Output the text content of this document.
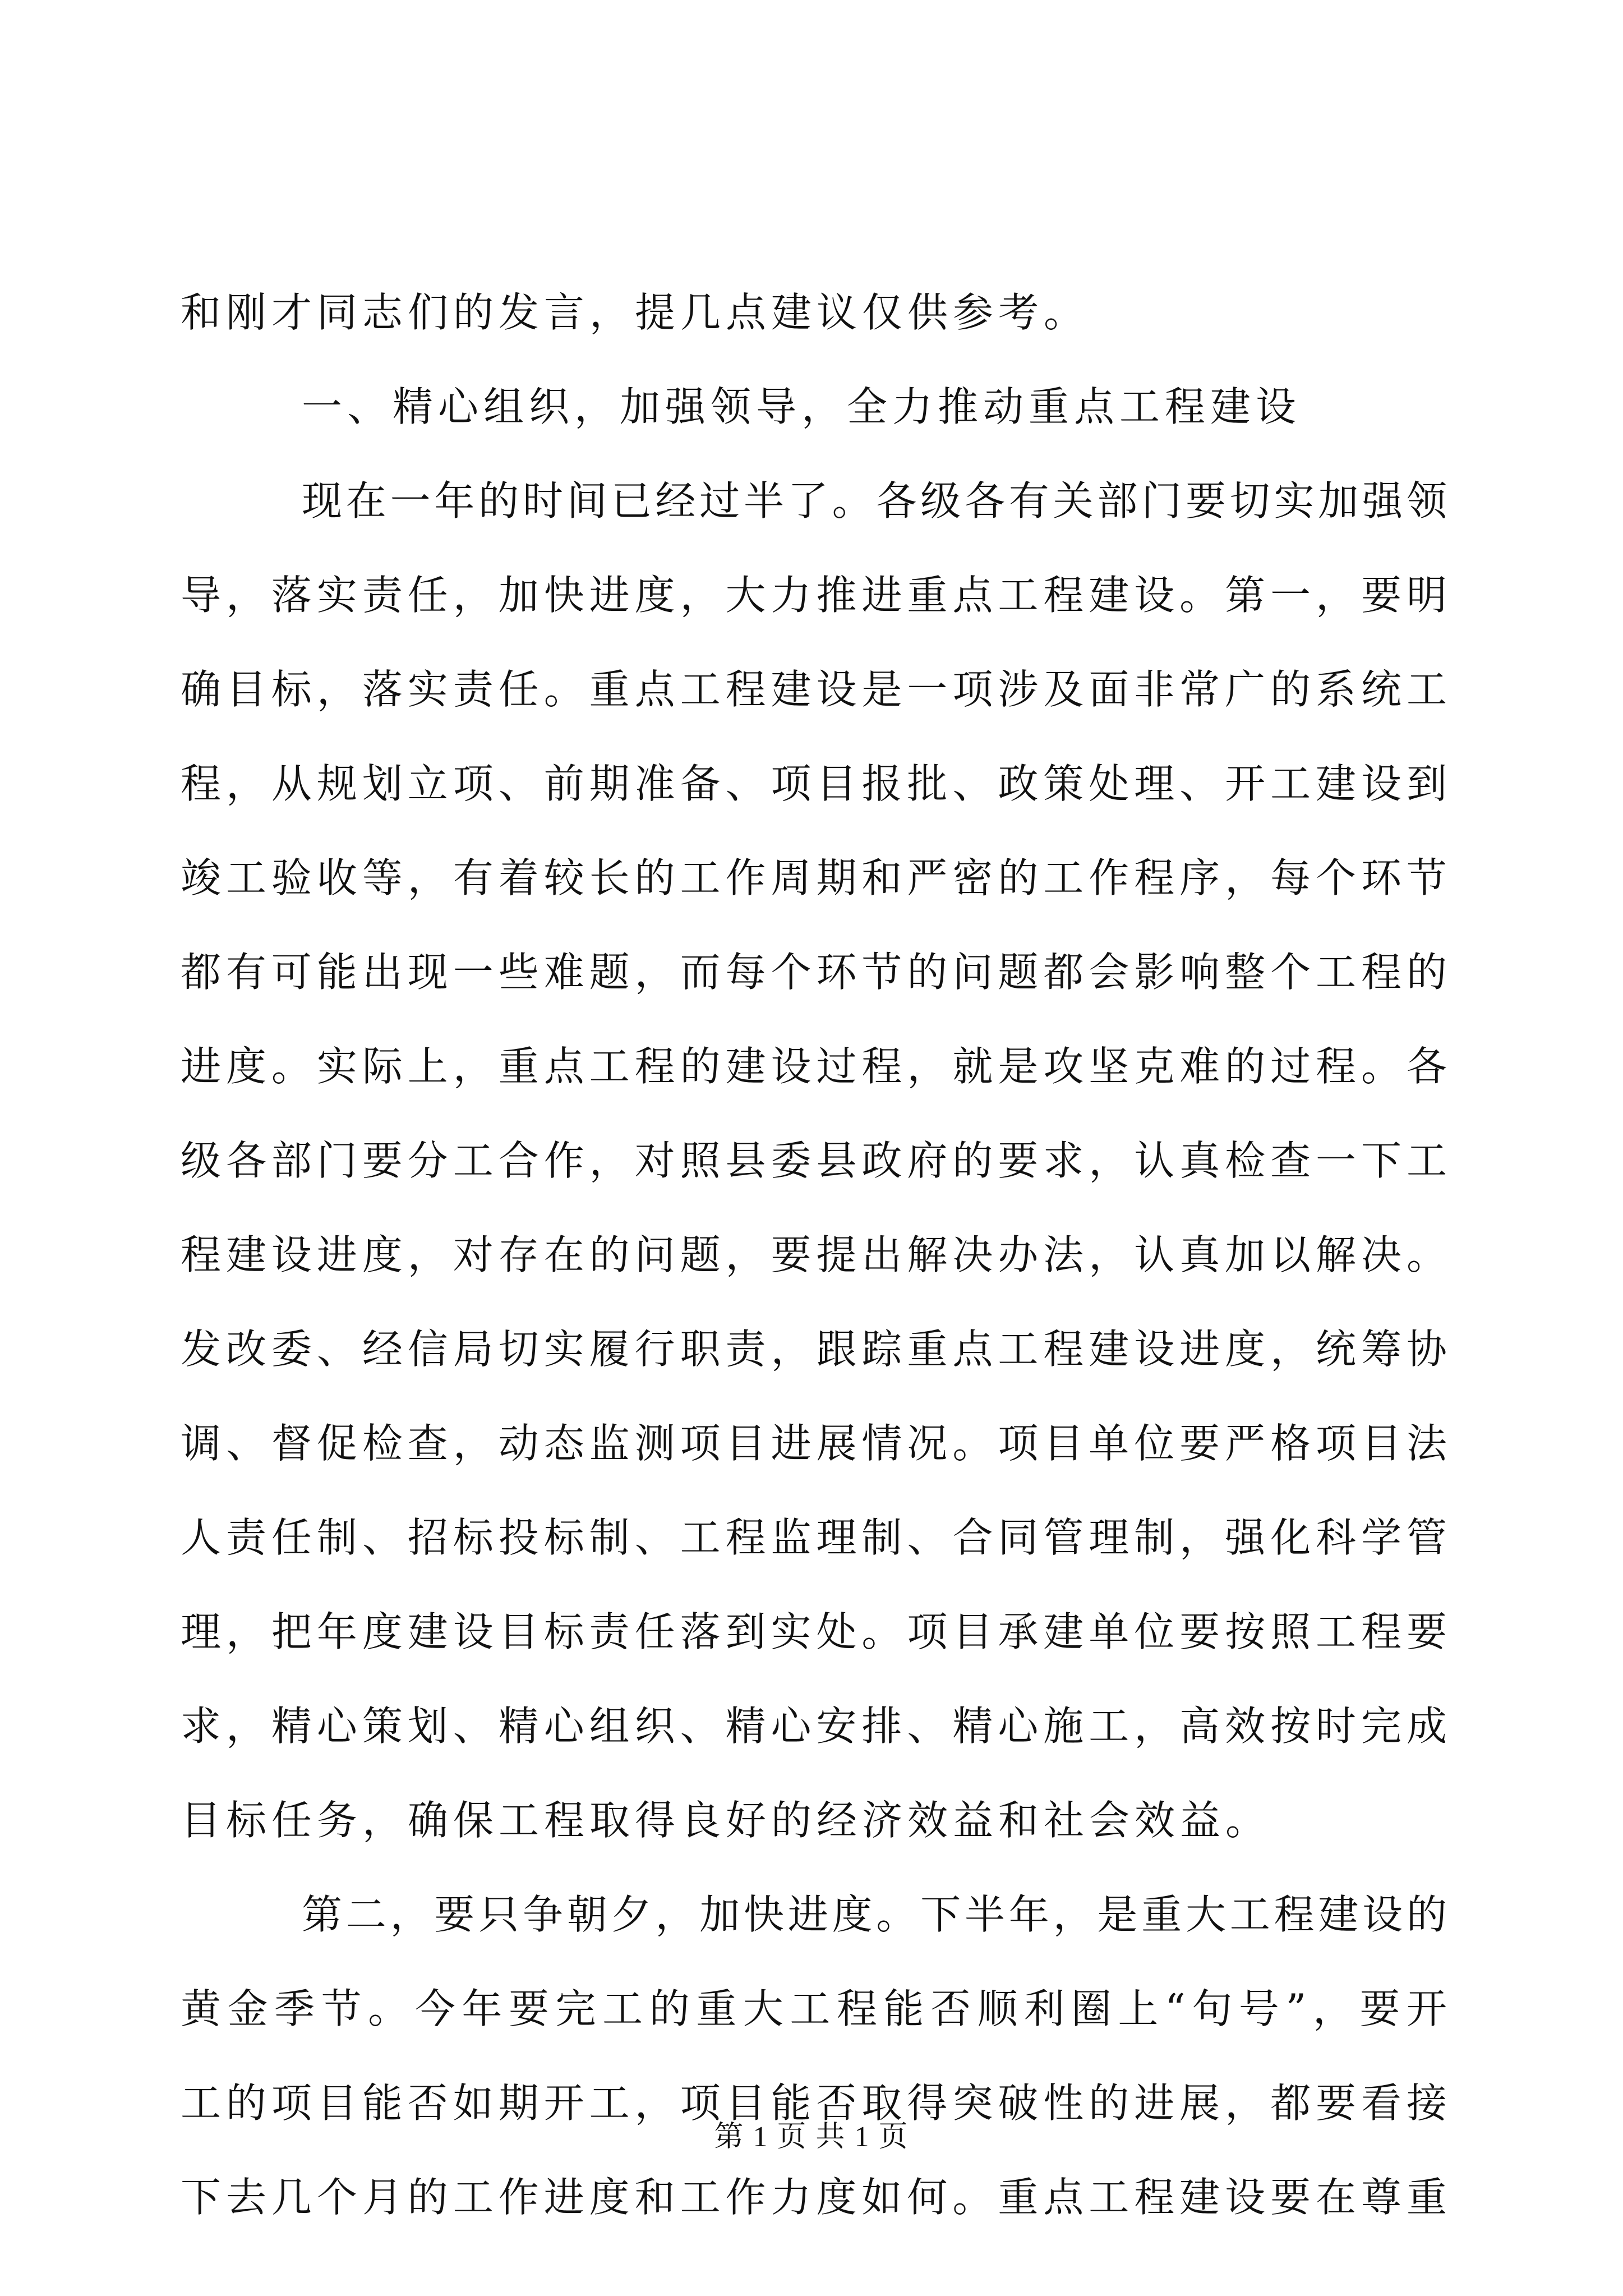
和刚才同志们的发言，提几点建议仅供参考。
一、精心组织，加强领导，全力推动重点工程建设
现在一年的时间已经过半了。各级各有关部门要切实加强领
导，落实责任，加快进度，大力推进重点工程建设。第一，要明
确目标，落实责任。重点工程建设是一项涉及面非常广的系统工
程，从规划立项、前期准备、项目报批、政策处理、开工建设到
竣工验收等，有着较长的工作周期和严密的工作程序，每个环节
都有可能出现一些难题，而每个环节的问题都会影响整个工程的
进度。实际上，重点工程的建设过程，就是攻坚克难的过程。各
级各部门要分工合作，对照县委县政府的要求，认真检查一下工
程建设进度，对存在的问题，要提出解决办法，认真加以解决。
发改委、经信局切实履行职责，跟踪重点工程建设进度，统筹协
调、督促检查，动态监测项目进展情况。项目单位要严格项目法
人责任制、招标投标制、工程监理制、合同管理制，强化科学管
理，把年度建设目标责任落到实处。项目承建单位要按照工程要
求，精心策划、精心组织、精心安排、精心施工，高效按时完成
目标任务，确保工程取得良好的经济效益和社会效益。
第二，要只争朝夕，加快进度。下半年，是重大工程建设的
黄金季节。今年要完工的重大工程能否顺利圈上“句号”，要开
工的项目能否如期开工，项目能否取得突破性的进展，都要看接
下去几个月的工作进度和工作力度如何。重点工程建设要在尊重
第 1 页 共 1 页
